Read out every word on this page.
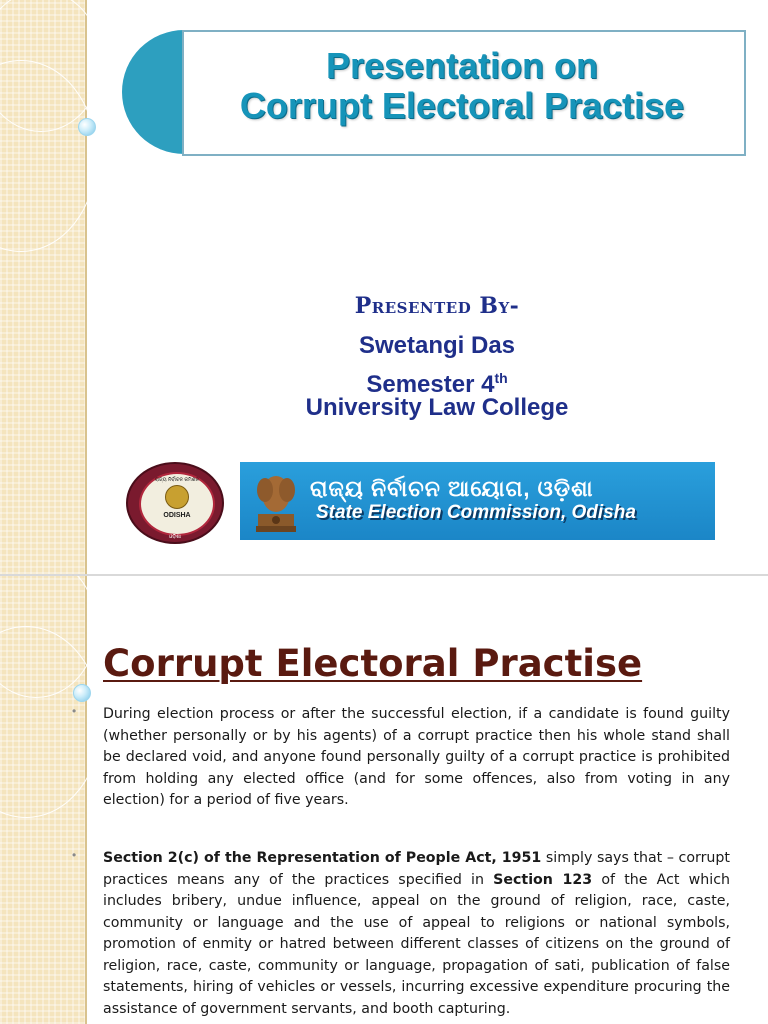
Presentation on
Corrupt Electoral Practise
Presented By-
Swetangi Das
Semester 4th
University Law College
ରାଜ୍ୟ ନିର୍ବାଚନ କମିଶନ
ODISHA
ଓଡ଼ିଶା
ରାଜ୍ୟ ନିର୍ବାଚନ ଆୟୋଗ, ଓଡ଼ିଶା
State Election Commission, Odisha
Corrupt Electoral Practise
• During election process or after the successful election, if a candidate is found guilty (whether personally or by his agents) of a corrupt practice then his whole stand shall be declared void, and anyone found personally guilty of a corrupt practice is prohibited from holding any elected office (and for some offences, also from voting in any election) for a period of five years.

• Section 2(c) of the Representation of People Act, 1951 simply says that – corrupt practices means any of the practices specified in Section 123 of the Act which includes bribery, undue influence, appeal on the ground of religion, race, caste, community or language and the use of appeal to religions or national symbols, promotion of enmity or hatred between different classes of citizens on the ground of religion, race, caste, community or language, propagation of sati, publication of false statements, hiring of vehicles or vessels, incurring excessive expenditure procuring the assistance of government servants, and booth capturing.
